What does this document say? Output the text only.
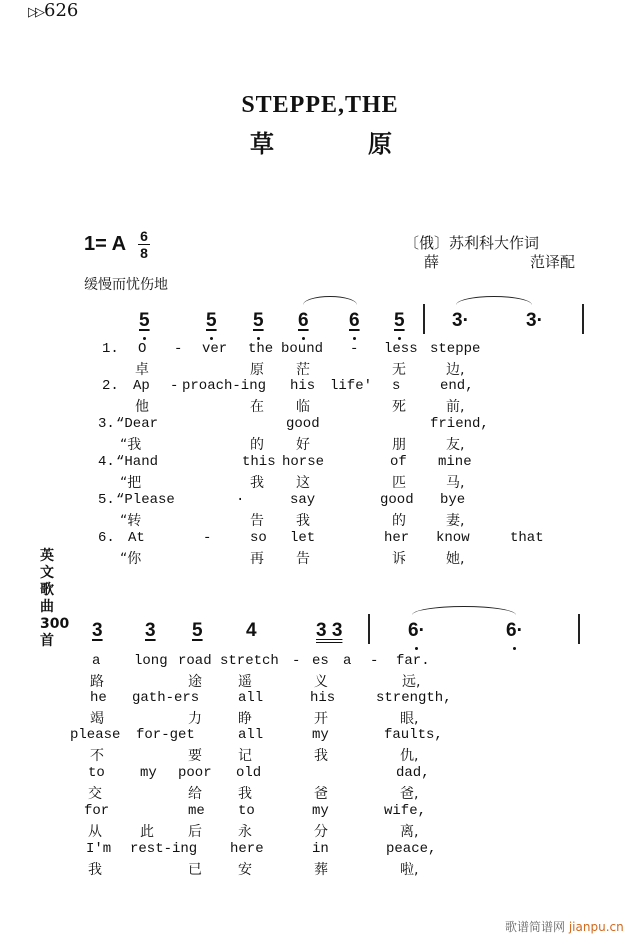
▷▷ 626
STEPPE,THE
草	原
1= A 6
8
缓慢而忧伤地
〔俄〕苏利科大作词
薛	范译配
5	5 5 6 6 5 3·	3·
1. O - ver the bound - less steppe
卓	原 茫	无	边,
2. Ap - proach-ing his life' s	end,
他	在 临	死	前,
3. “Dear	good	friend,
“我	的 好	朋	友,
4. “Hand	this horse	of mine
“把	我 这	匹	马,
5. “Please	·	say	good bye
“转	告 我	的	妻,
6. At	-	so let	her know	that
“你	再 告	诉	她,
英文歌曲300首 3 3 5 4	3 3	6·	6·
a long road stretch - es a - far.
路	途	遥	义	远,
he gath-ers	all	his	strength,
竭	力	睁	开	眼,
please for-get	all	my	faults,
不	要	记	我	仇,
to	my poor old	dad,
交	给	我	爸	爸,
for	me to	my	wife,
从	此 后	永	分	离,
I'm rest-ing here	in	peace,
我	已	安	葬	啦,
歌谱简谱网 jianpu.cn
